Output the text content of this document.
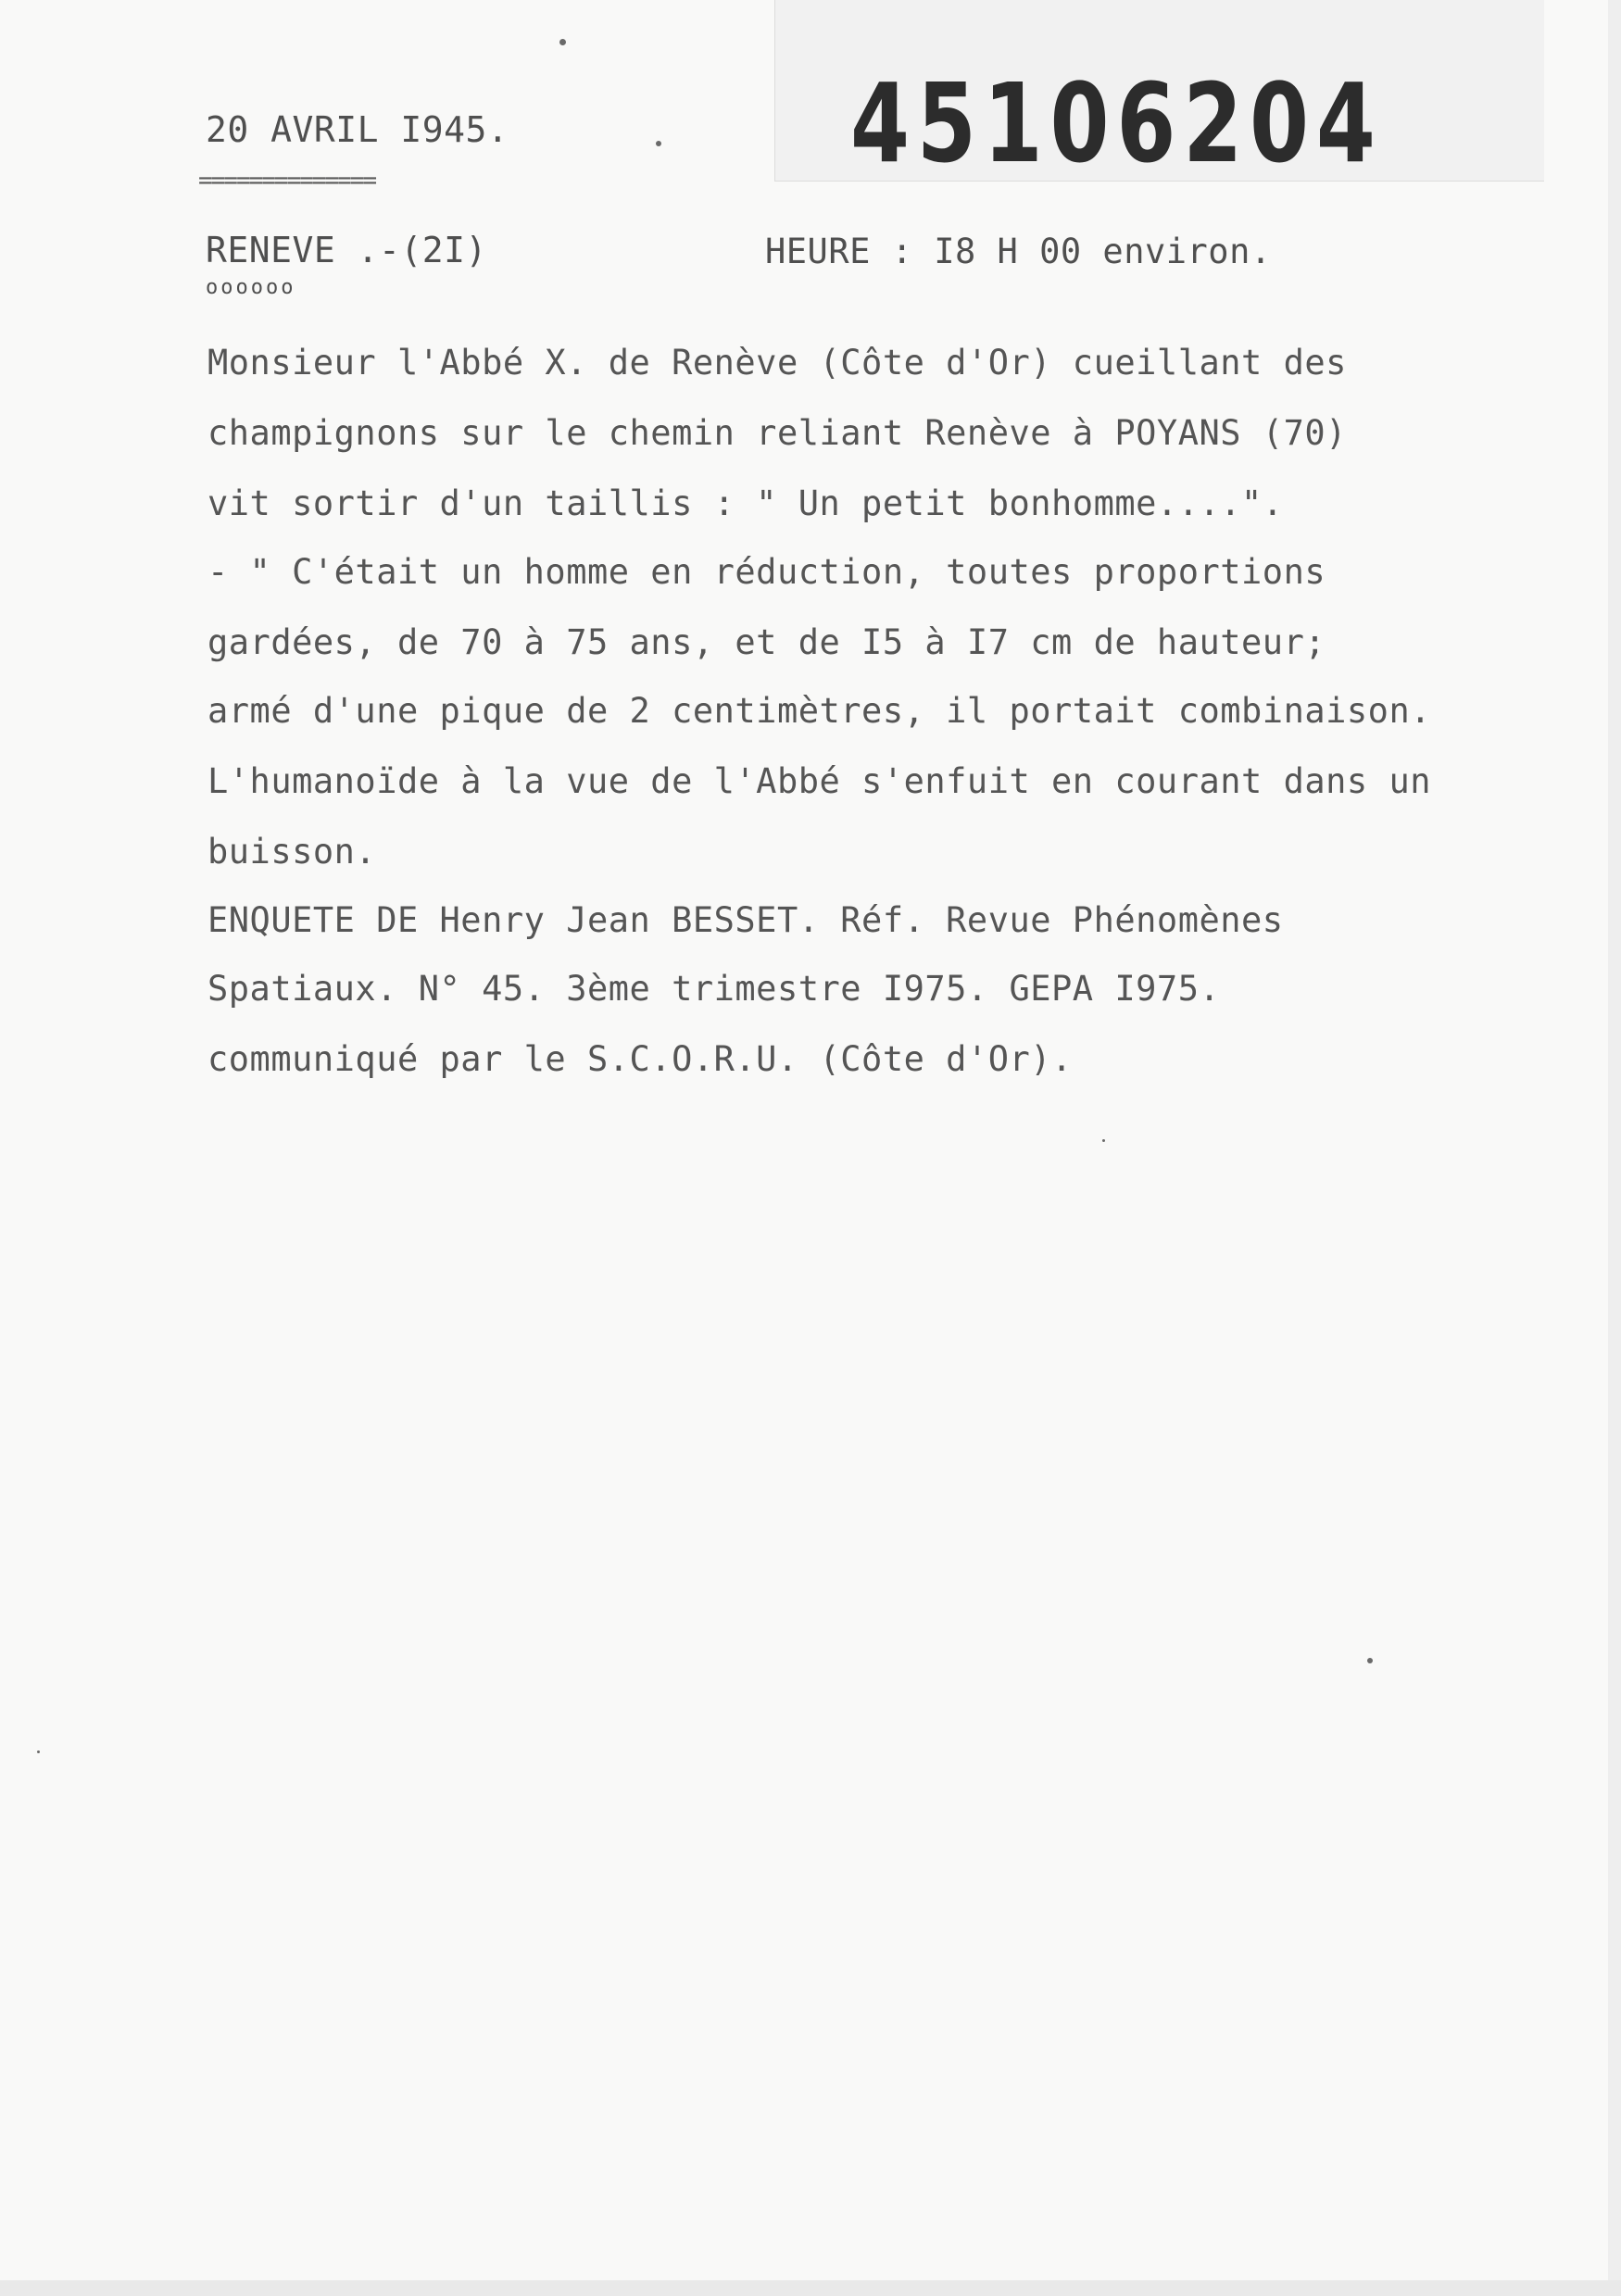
45106204
20 AVRIL I945.
==============
RENEVE .-(2I)
oooooo
HEURE : I8 H 00 environ.
Monsieur l'Abbé X. de Renève (Côte d'Or) cueillant des
champignons sur le chemin reliant Renève à POYANS (70)
vit sortir d'un taillis : " Un petit bonhomme....".
- " C'était un homme en réduction, toutes proportions
gardées, de 70 à 75 ans, et de I5 à I7 cm de hauteur;
armé d'une pique de 2 centimètres, il portait combinaison.
L'humanoïde à la vue de l'Abbé s'enfuit en courant dans un
buisson.
ENQUETE DE Henry Jean BESSET. Réf. Revue Phénomènes
Spatiaux. N° 45. 3ème trimestre I975. GEPA I975.
communiqué par le S.C.O.R.U. (Côte d'Or).
